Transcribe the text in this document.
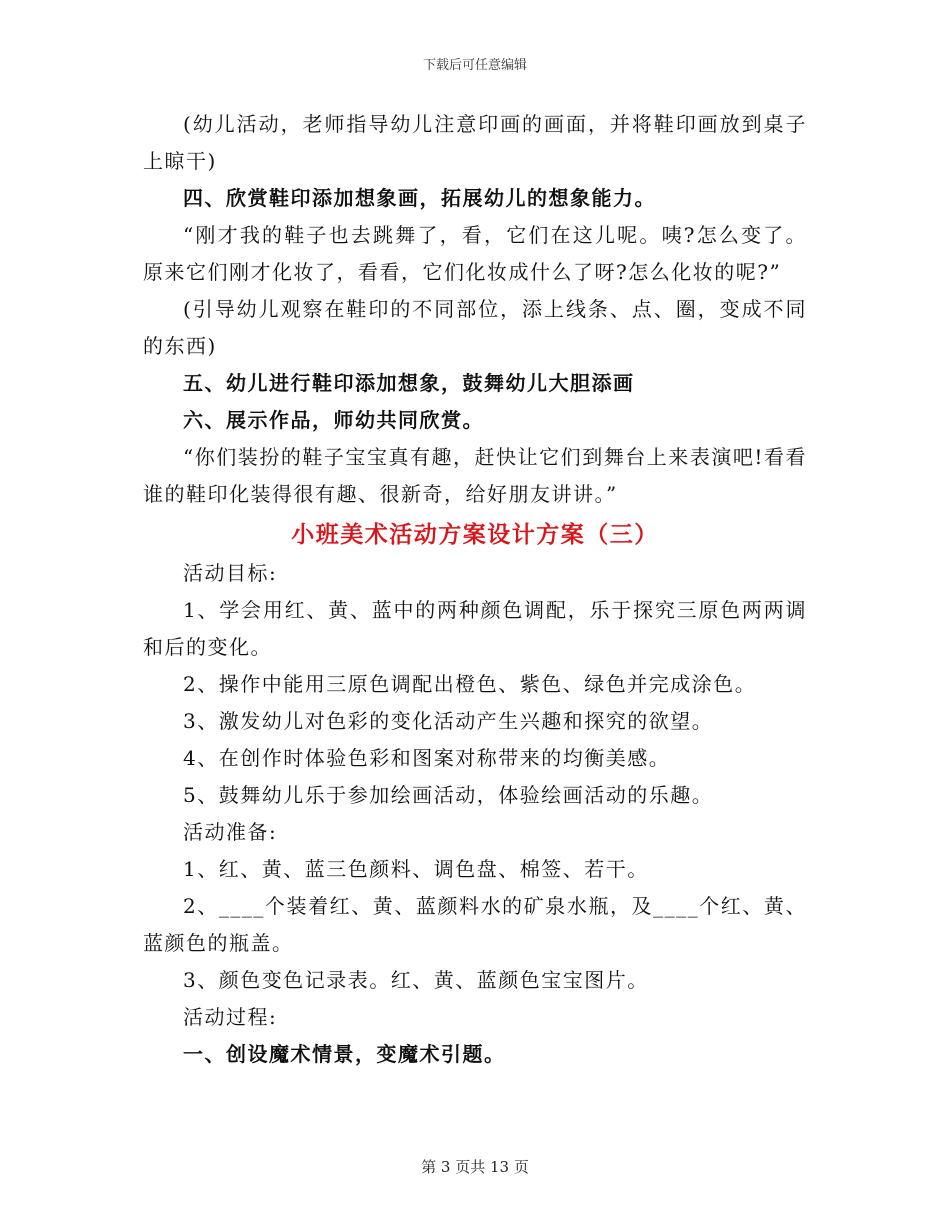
下载后可任意编辑

(幼儿活动，老师指导幼儿注意印画的画面，并将鞋印画放到桌子上晾干)

四、欣赏鞋印添加想象画，拓展幼儿的想象能力。

“刚才我的鞋子也去跳舞了，看，它们在这儿呢。咦?怎么变了。原来它们刚才化妆了，看看，它们化妆成什么了呀?怎么化妆的呢?”

(引导幼儿观察在鞋印的不同部位，添上线条、点、圈，变成不同的东西)

五、幼儿进行鞋印添加想象，鼓舞幼儿大胆添画

六、展示作品，师幼共同欣赏。

“你们装扮的鞋子宝宝真有趣，赶快让它们到舞台上来表演吧!看看谁的鞋印化装得很有趣、很新奇，给好朋友讲讲。”

小班美术活动方案设计方案（三）

活动目标:

1、学会用红、黄、蓝中的两种颜色调配，乐于探究三原色两两调和后的变化。

2、操作中能用三原色调配出橙色、紫色、绿色并完成涂色。

3、激发幼儿对色彩的变化活动产生兴趣和探究的欲望。

4、在创作时体验色彩和图案对称带来的均衡美感。

5、鼓舞幼儿乐于参加绘画活动，体验绘画活动的乐趣。

活动准备:

1、红、黄、蓝三色颜料、调色盘、棉签、若干。

2、____个装着红、黄、蓝颜料水的矿泉水瓶，及____个红、黄、蓝颜色的瓶盖。

3、颜色变色记录表。红、黄、蓝颜色宝宝图片。

活动过程:

一、创设魔术情景，变魔术引题。

第 3 页共 13 页
